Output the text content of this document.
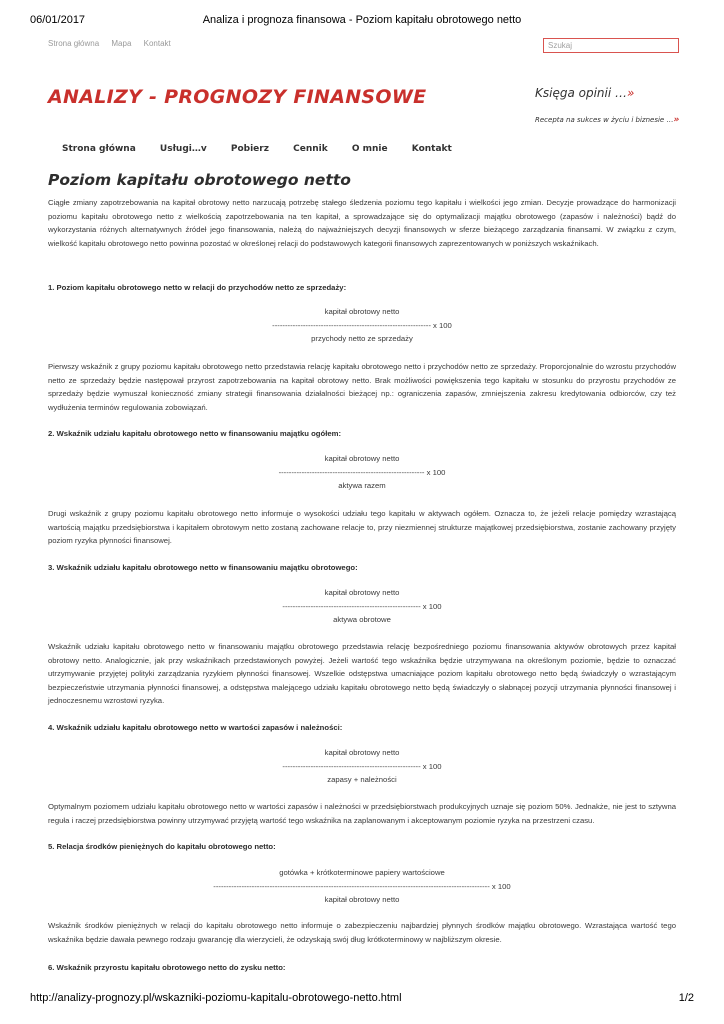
06/01/2017	Analiza i prognoza finansowa - Poziom kapitału obrotowego netto
Strona główna Mapa Kontakt
Szukaj
ANALIZY - PROGNOZY FINANSOWE	Księga opinii …»
Recepta na sukces w życiu i biznesie …»
Strona główna	Usługi…v	Pobierz	Cennik	O mnie	Kontakt
Poziom kapitału obrotowego netto

Ciągłe zmiany zapotrzebowania na kapitał obrotowy netto narzucają potrzebę stałego śledzenia poziomu tego kapitału i wielkości jego zmian. Decyzje prowadzące do harmonizacji poziomu kapitału obrotowego netto z wielkością zapotrzebowania na ten kapitał, a sprowadzające się do optymalizacji majątku obrotowego (zapasów i należności) bądź do wykorzystania różnych alternatywnych źródeł jego finansowania, należą do najważniejszych decyzji finansowych w sferze bieżącego zarządzania finansami. W związku z czym, wielkość kapitału obrotowego netto powinna pozostać w określonej relacji do podstawowych kategorii finansowych zaprezentowanych w poniższych wskaźnikach.

1. Poziom kapitału obrotowego netto w relacji do przychodów netto ze sprzedaży:
kapitał obrotowy netto
-------------------------------------------------------------- x 100
przychody netto ze sprzedaży

Pierwszy wskaźnik z grupy poziomu kapitału obrotowego netto przedstawia relację kapitału obrotowego netto i przychodów netto ze sprzedaży. Proporcjonalnie do wzrostu przychodów netto ze sprzedaży będzie następował przyrost zapotrzebowania na kapitał obrotowy netto. Brak możliwości powiększenia tego kapitału w stosunku do przyrostu przychodów ze sprzedaży będzie wymuszał konieczność zmiany strategii finansowania działalności bieżącej np.: ograniczenia zapasów, zmniejszenia zakresu kredytowania odbiorców, czy też wydłużenia terminów regulowania zobowiązań.

2. Wskaźnik udziału kapitału obrotowego netto w finansowaniu majątku ogółem:
kapitał obrotowy netto
--------------------------------------------------------- x 100
aktywa razem

Drugi wskaźnik z grupy poziomu kapitału obrotowego netto informuje o wysokości udziału tego kapitału w aktywach ogółem. Oznacza to, że jeżeli relacje pomiędzy wzrastającą wartością majątku przedsiębiorstwa i kapitałem obrotowym netto zostaną zachowane relacje to, przy niezmiennej strukturze majątkowej przedsiębiorstwa, zostanie zachowany przyjęty poziom ryzyka płynności finansowej.

3. Wskaźnik udziału kapitału obrotowego netto w finansowaniu majątku obrotowego:
kapitał obrotowy netto
------------------------------------------------------ x 100
aktywa obrotowe

Wskaźnik udziału kapitału obrotowego netto w finansowaniu majątku obrotowego przedstawia relację bezpośredniego poziomu finansowania aktywów obrotowych przez kapitał obrotowy netto. Analogicznie, jak przy wskaźnikach przedstawionych powyżej. Jeżeli wartość tego wskaźnika będzie utrzymywana na określonym poziomie, będzie to oznaczać utrzymywanie przyjętej polityki zarządzania ryzykiem płynności finansowej. Wszelkie odstępstwa umacniające poziom kapitału obrotowego netto będą świadczyły o wzrastającym bezpieczeństwie utrzymania płynności finansowej, a odstępstwa malejącego udziału kapitału obrotowego netto będą świadczyły o słabnącej pozycji utrzymania płynności finansowej i jednoczesnemu wzrostowi ryzyka.

4. Wskaźnik udziału kapitału obrotowego netto w wartości zapasów i należności:
kapitał obrotowy netto
------------------------------------------------------ x 100
zapasy + należności

Optymalnym poziomem udziału kapitału obrotowego netto w wartości zapasów i należności w przedsiębiorstwach produkcyjnych uznaje się poziom 50%. Jednakże, nie jest to sztywna reguła i raczej przedsiębiorstwa powinny utrzymywać przyjętą wartość tego wskaźnika na zaplanowanym i akceptowanym poziomie ryzyka na przestrzeni czasu.

5. Relacja środków pieniężnych do kapitału obrotowego netto:
gotówka + krótkoterminowe papiery wartościowe
------------------------------------------------------------------------------------------------------------ x 100
kapitał obrotowy netto

Wskaźnik środków pieniężnych w relacji do kapitału obrotowego netto informuje o zabezpieczeniu najbardziej płynnych środków majątku obrotowego. Wzrastająca wartość tego wskaźnika będzie dawała pewnego rodzaju gwarancję dla wierzycieli, że odzyskają swój dług krótkoterminowy w najbliższym okresie.

6. Wskaźnik przyrostu kapitału obrotowego netto do zysku netto:
http://analizy-prognozy.pl/wskazniki-poziomu-kapitalu-obrotowego-netto.html	1/2
